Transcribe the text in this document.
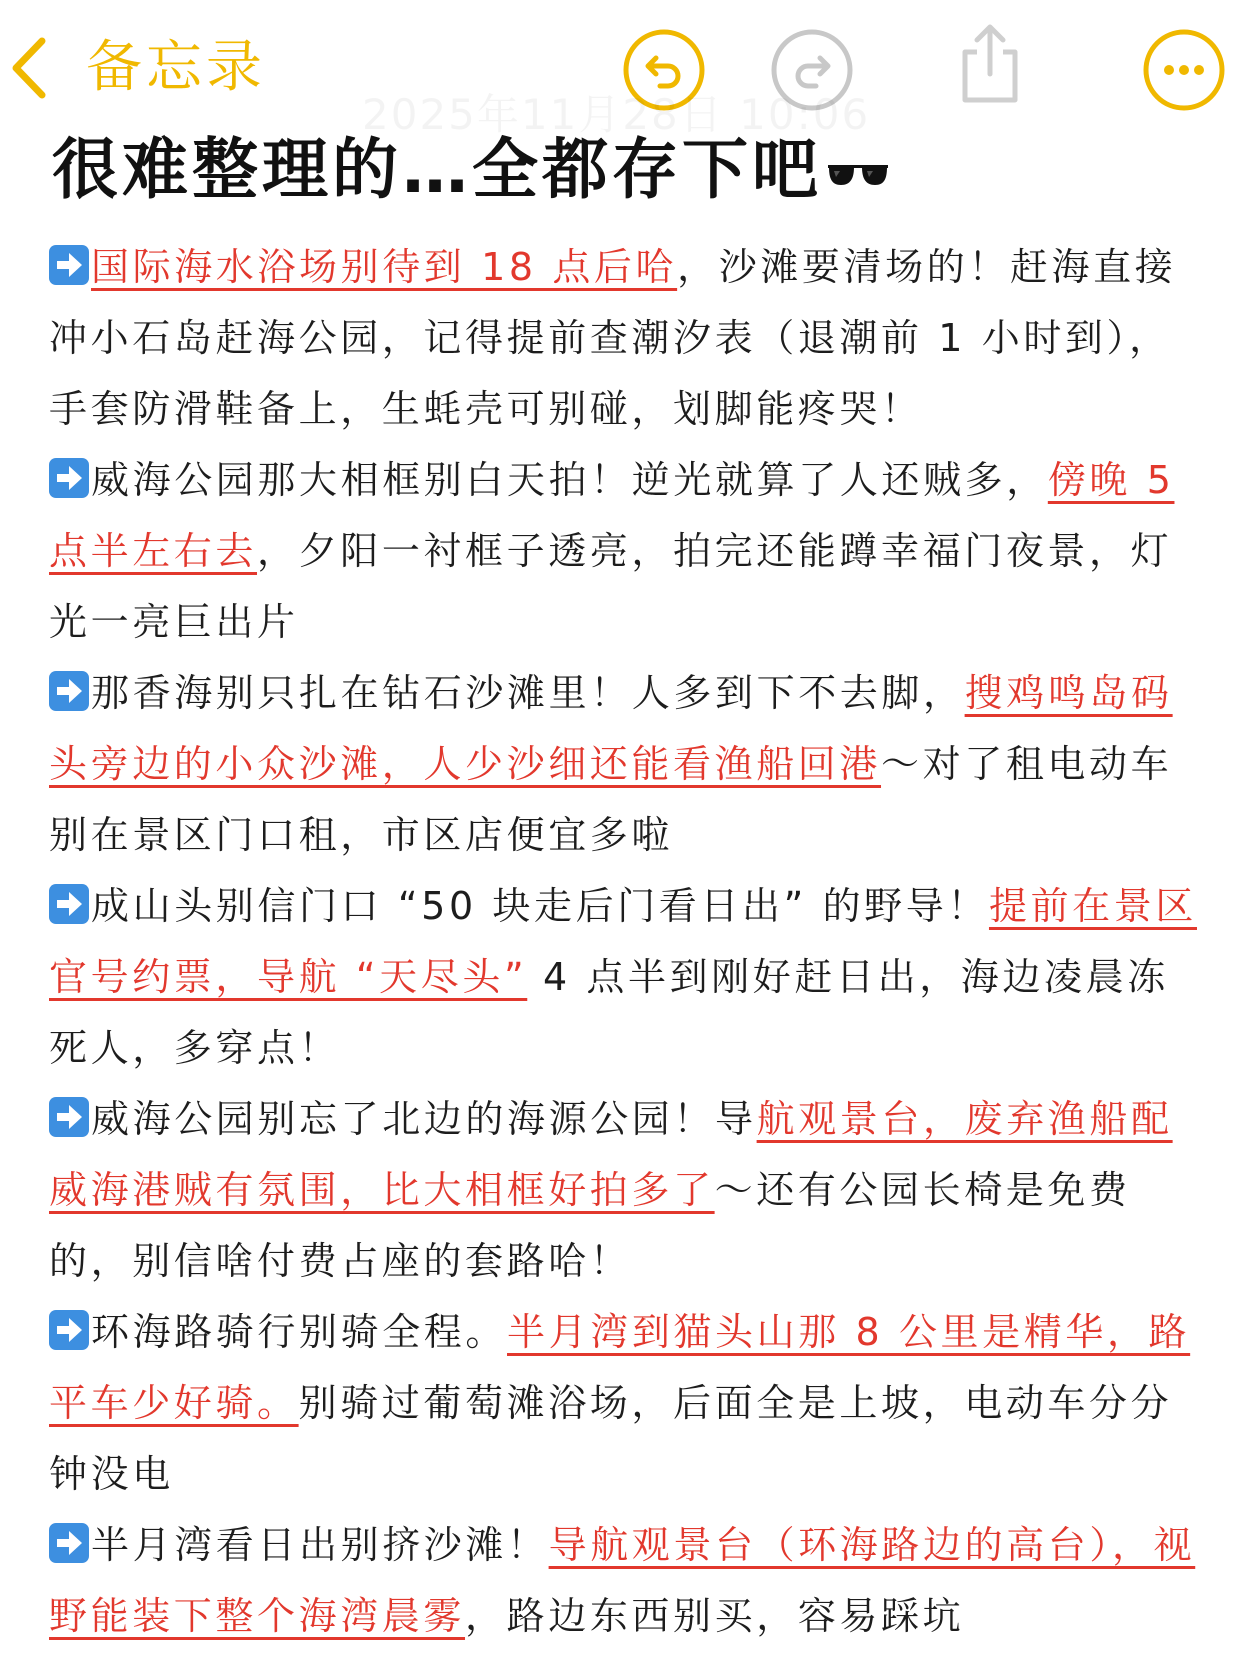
备忘录
很难整理的…全都存下吧

国际海水浴场别待到 18 点后哈，沙滩要清场的！赶海直接冲小石岛赶海公园，记得提前查潮汐表（退潮前 1 小时到），手套防滑鞋备上，生蚝壳可别碰，划脚能疼哭！

威海公园那大相框别白天拍！逆光就算了人还贼多，傍晚 5 点半左右去，夕阳一衬框子透亮，拍完还能蹲幸福门夜景，灯光一亮巨出片

那香海别只扎在钻石沙滩里！人多到下不去脚，搜鸡鸣岛码头旁边的小众沙滩，人少沙细还能看渔船回港～对了租电动车别在景区门口租，市区店便宜多啦

成山头别信门口 “50 块走后门看日出” 的野导！提前在景区官号约票，导航 “天尽头” 4 点半到刚好赶日出，海边凌晨冻死人，多穿点！

威海公园别忘了北边的海源公园！导航观景台，废弃渔船配威海港贼有氛围，比大相框好拍多了～还有公园长椅是免费的，别信啥付费占座的套路哈！

环海路骑行别骑全程。半月湾到猫头山那 8 公里是精华，路平车少好骑。别骑过葡萄滩浴场，后面全是上坡，电动车分分钟没电

半月湾看日出别挤沙滩！导航观景台（环海路边的高台），视野能装下整个海湾晨雾，路边东西别买，容易踩坑
